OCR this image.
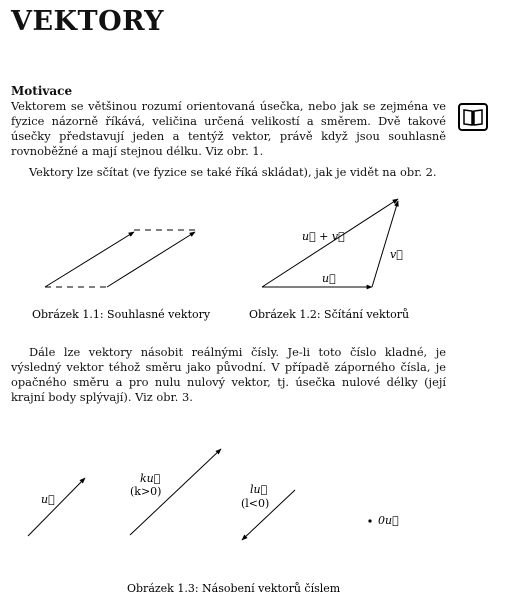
VEKTORY
Motivace
Vektorem se většinou rozumí orientovaná úsečka, nebo jak se zejména ve fyzice názorně říkává, veličina určená velikostí a směrem. Dvě takové úsečky představují jeden a tentýž vektor, právě když jsou souhlasně rovnoběžné a mají stejnou délku. Viz obr. 1.
Vektory lze sčítat (ve fyzice se také říká skládat), jak je vidět na obr. 2.
Dále lze vektory násobit reálnými čísly. Je-li toto číslo kladné, je výsledný vektor téhož směru jako původní. V případě záporného čísla, je opačného směru a pro nulu nulový vektor, tj. úsečka nulové délky (její krajní body splývají). Viz obr. 3.
Obrázek 1.1: Souhlasné vektory
u⃗ + v⃗
v⃗
u⃗
Obrázek 1.2: Sčítání vektorů
u⃗
ku⃗
(k>0)	lu⃗
(l<0)
0u⃗
Obrázek 1.3: Násobení vektorů číslem
